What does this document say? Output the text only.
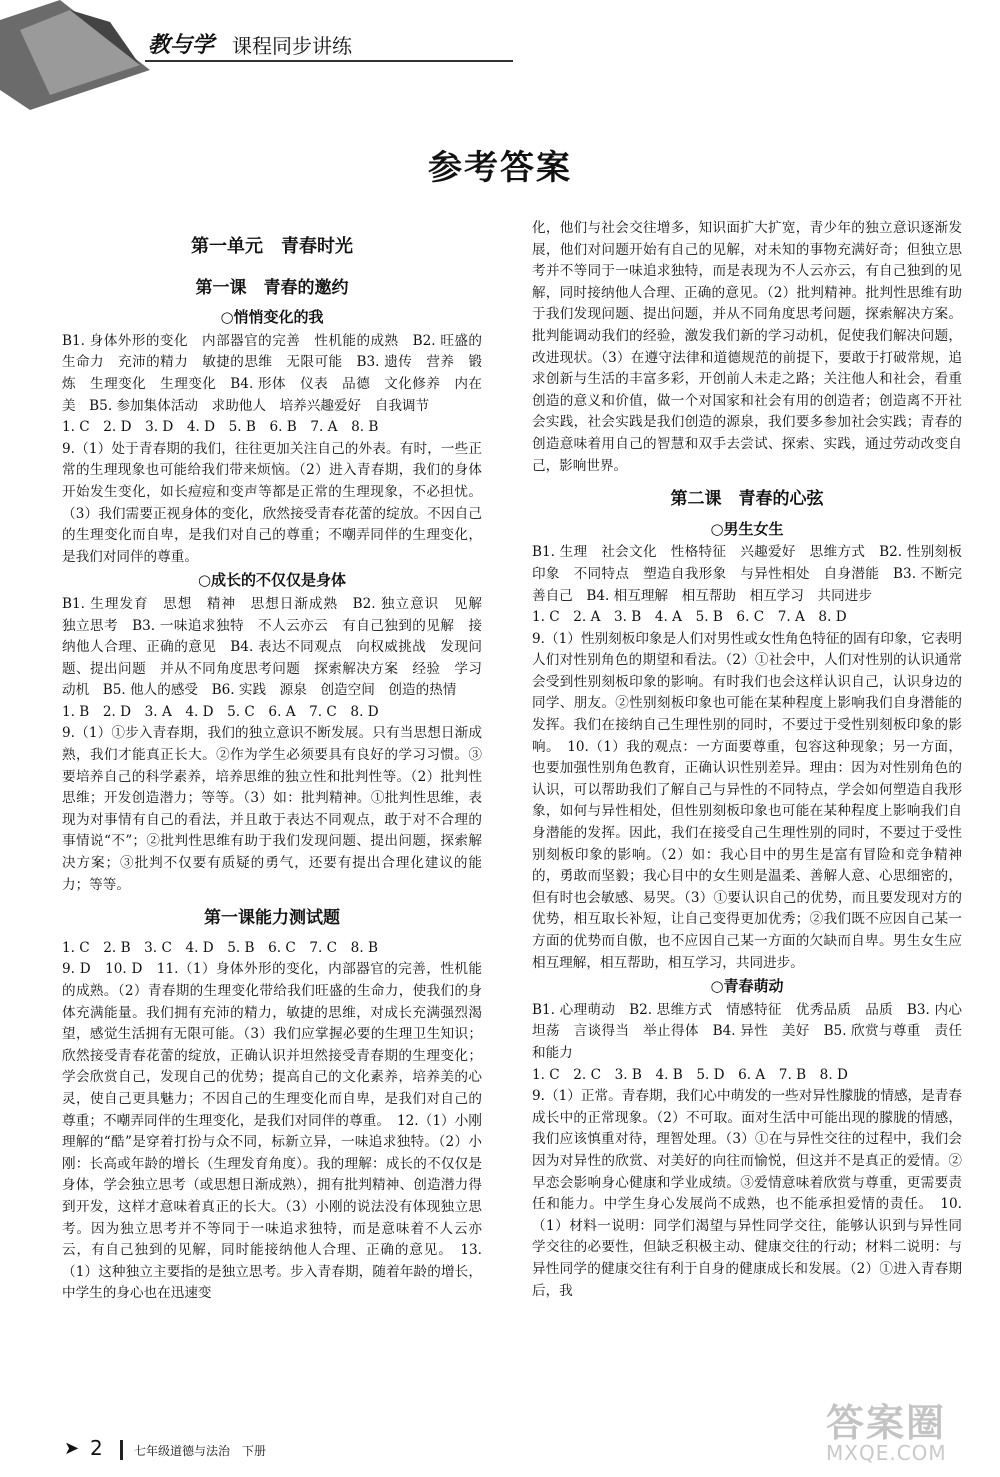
教与学 课程同步讲练
参考答案
第一单元　青春时光
第一课　青春的邀约
○悄悄变化的我

B1. 身体外形的变化　内部器官的完善　性机能的成熟　B2. 旺盛的生命力　充沛的精力　敏捷的思维　无限可能　B3. 遗传　营养　锻炼　生理变化　生理变化　B4. 形体　仪表　品德　文化修养　内在美　B5. 参加集体活动　求助他人　培养兴趣爱好　自我调节

1. C　2. D　3. D　4. D　5. B　6. B　7. A　8. B

9.（1）处于青春期的我们，往往更加关注自己的外表。有时，一些正常的生理现象也可能给我们带来烦恼。（2）进入青春期，我们的身体开始发生变化，如长痘痘和变声等都是正常的生理现象，不必担忧。（3）我们需要正视身体的变化，欣然接受青春花蕾的绽放。不因自己的生理变化而自卑，是我们对自己的尊重；不嘲弄同伴的生理变化，是我们对同伴的尊重。

○成长的不仅仅是身体

B1. 生理发育　思想　精神　思想日渐成熟　B2. 独立意识　见解　独立思考　B3. 一味追求独特　不人云亦云　有自己独到的见解　接纳他人合理、正确的意见　B4. 表达不同观点　向权威挑战　发现问题、提出问题　并从不同角度思考问题　探索解决方案　经验　学习动机　B5. 他人的感受　B6. 实践　源泉　创造空间　创造的热情

1. B　2. D　3. A　4. D　5. C　6. A　7. C　8. D

9.（1）①步入青春期，我们的独立意识不断发展。只有当思想日渐成熟，我们才能真正长大。②作为学生必须要具有良好的学习习惯。③要培养自己的科学素养，培养思维的独立性和批判性等。（2）批判性思维；开发创造潜力；等等。（3）如：批判精神。①批判性思维，表现为对事情有自己的看法，并且敢于表达不同观点，敢于对不合理的事情说“不”；②批判性思维有助于我们发现问题、提出问题，探索解决方案；③批判不仅要有质疑的勇气，还要有提出合理化建议的能力；等等。

第一课能力测试题

1. C　2. B　3. C　4. D　5. B　6. C　7. C　8. B

9. D　10. D　11.（1）身体外形的变化，内部器官的完善，性机能的成熟。（2）青春期的生理变化带给我们旺盛的生命力，使我们的身体充满能量。我们拥有充沛的精力，敏捷的思维，对成长充满强烈渴望，感觉生活拥有无限可能。（3）我们应掌握必要的生理卫生知识；欣然接受青春花蕾的绽放，正确认识并坦然接受青春期的生理变化；学会欣赏自己，发现自己的优势；提高自己的文化素养，培养美的心灵，使自己更具魅力；不因自己的生理变化而自卑，是我们对自己的尊重；不嘲弄同伴的生理变化，是我们对同伴的尊重。　12.（1）小刚理解的“酷”是穿着打扮与众不同，标新立异，一味追求独特。（2）小刚：长高或年龄的增长（生理发育角度）。我的理解：成长的不仅仅是身体，学会独立思考（或思想日渐成熟），拥有批判精神、创造潜力得到开发，这样才意味着真正的长大。（3）小刚的说法没有体现独立思考。因为独立思考并不等同于一味追求独特，而是意味着不人云亦云，有自己独到的见解，同时能接纳他人合理、正确的意见。　13.（1）这种独立主要指的是独立思考。步入青春期，随着年龄的增长，中学生的身心也在迅速变

化，他们与社会交往增多，知识面扩大扩宽，青少年的独立意识逐渐发展，他们对问题开始有自己的见解，对未知的事物充满好奇；但独立思考并不等同于一味追求独特，而是表现为不人云亦云，有自己独到的见解，同时接纳他人合理、正确的意见。（2）批判精神。批判性思维有助于我们发现问题、提出问题，并从不同角度思考问题，探索解决方案。批判能调动我们的经验，激发我们新的学习动机，促使我们解决问题，改进现状。（3）在遵守法律和道德规范的前提下，要敢于打破常规，追求创新与生活的丰富多彩，开创前人未走之路；关注他人和社会，看重创造的意义和价值，做一个对国家和社会有用的创造者；创造离不开社会实践，社会实践是我们创造的源泉，我们要多参加社会实践；青春的创造意味着用自己的智慧和双手去尝试、探索、实践，通过劳动改变自己，影响世界。

第二课　青春的心弦
○男生女生

B1. 生理　社会文化　性格特征　兴趣爱好　思维方式　B2. 性别刻板印象　不同特点　塑造自我形象　与异性相处　自身潜能　B3. 不断完善自己　B4. 相互理解　相互帮助　相互学习　共同进步

1. C　2. A　3. B　4. A　5. B　6. C　7. A　8. D

9.（1）性别刻板印象是人们对男性或女性角色特征的固有印象，它表明人们对性别角色的期望和看法。（2）①社会中，人们对性别的认识通常会受到性别刻板印象的影响。有时我们也会这样认识自己，认识身边的同学、朋友。②性别刻板印象也可能在某种程度上影响我们自身潜能的发挥。我们在接纳自己生理性别的同时，不要过于受性别刻板印象的影响。　10.（1）我的观点：一方面要尊重，包容这种现象；另一方面，也要加强性别角色教育，正确认识性别差异。理由：因为对性别角色的认识，可以帮助我们了解自己与异性的不同特点，学会如何塑造自我形象，如何与异性相处，但性别刻板印象也可能在某种程度上影响我们自身潜能的发挥。因此，我们在接受自己生理性别的同时，不要过于受性别刻板印象的影响。（2）如：我心目中的男生是富有冒险和竞争精神的，勇敢而坚毅；我心目中的女生则是温柔、善解人意、心思细密的，但有时也会敏感、易哭。（3）①要认识自己的优势，而且要发现对方的优势，相互取长补短，让自己变得更加优秀；②我们既不应因自己某一方面的优势而自傲，也不应因自己某一方面的欠缺而自卑。男生女生应相互理解，相互帮助，相互学习，共同进步。

○青春萌动

B1. 心理萌动　B2. 思维方式　情感特征　优秀品质　品质　B3. 内心坦荡　言谈得当　举止得体　B4. 异性　美好　B5. 欣赏与尊重　责任和能力

1. C　2. C　3. B　4. B　5. D　6. A　7. B　8. D

9.（1）正常。青春期，我们心中萌发的一些对异性朦胧的情感，是青春成长中的正常现象。（2）不可取。面对生活中可能出现的朦胧的情感，我们应该慎重对待，理智处理。（3）①在与异性交往的过程中，我们会因为对异性的欣赏、对美好的向往而愉悦，但这并不是真正的爱情。②早恋会影响身心健康和学业成绩。③爱情意味着欣赏与尊重，更需要责任和能力。中学生身心发展尚不成熟，也不能承担爱情的责任。　10.（1）材料一说明：同学们渴望与异性同学交往，能够认识到与异性同学交往的必要性，但缺乏积极主动、健康交往的行动；材料二说明：与异性同学的健康交往有利于自身的健康成长和发展。（2）①进入青春期后，我

➤ 2	七年级道德与法治　下册
答案圈
MXQE.COM
